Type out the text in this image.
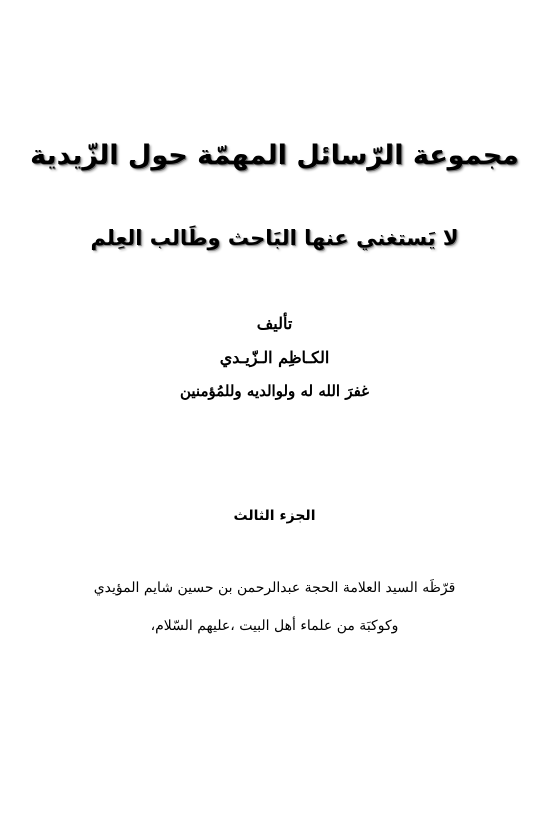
مجموعة الرّسائل المهمّة حول الزّيدية
لا يَستغني عنها البَاحث وطَالب العِلم
تأليف
الكـاظِم الـزّيـدي
غفرَ الله له ولوالديه وللمُؤمنين
الجزء الثالث
قرّظَه السيد العلامة الحجة عبدالرحمن بن حسين شايم المؤيدي
وكوكبَة من علماء أهل البيت ،عليهم السّلام،
